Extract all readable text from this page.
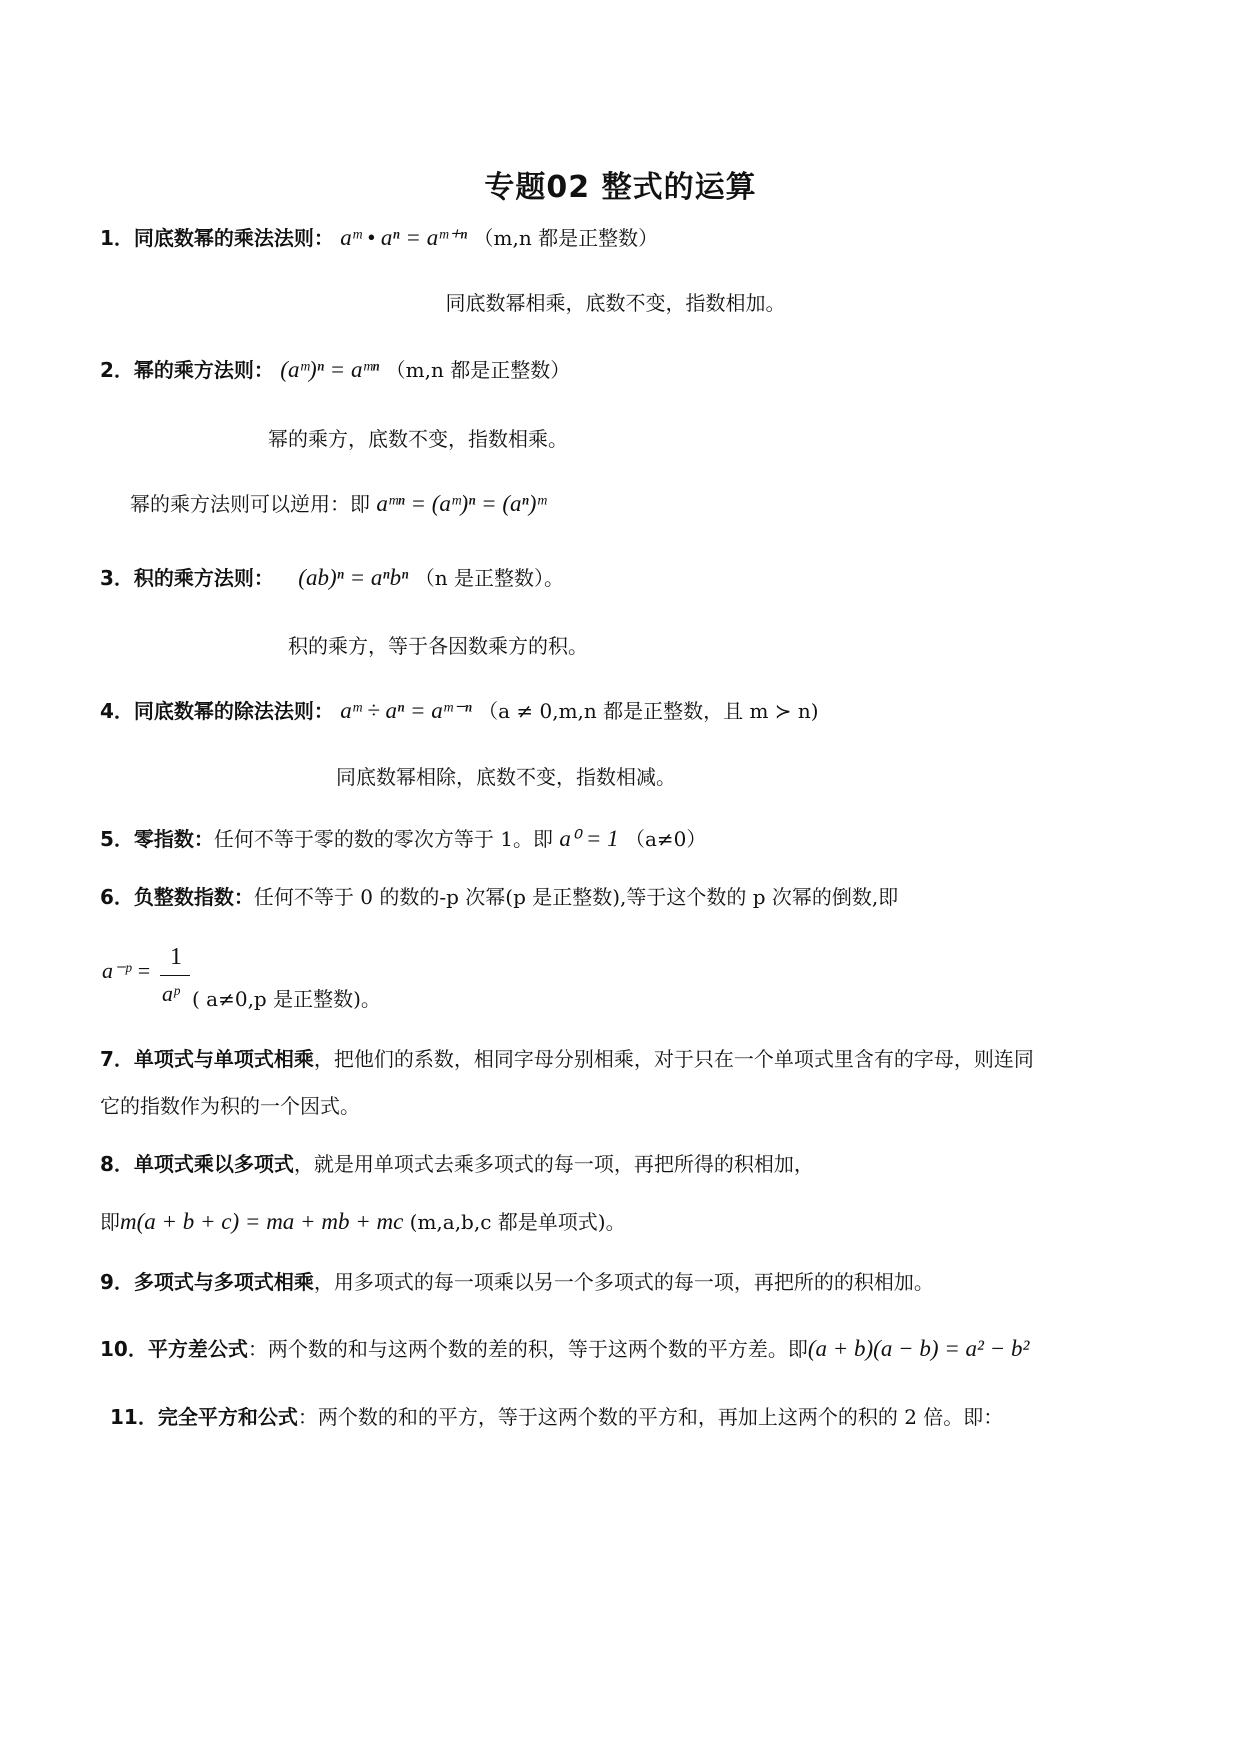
专题02 整式的运算
1．同底数幂的乘法法则： aᵐ • aⁿ = aᵐ⁺ⁿ （m,n 都是正整数）
同底数幂相乘，底数不变，指数相加。
2．幂的乘方法则： (aᵐ)ⁿ = aᵐⁿ （m,n 都是正整数）
幂的乘方，底数不变，指数相乘。
幂的乘方法则可以逆用：即 aᵐⁿ = (aᵐ)ⁿ = (aⁿ)ᵐ
3．积的乘方法则： (ab)ⁿ = aⁿbⁿ （n 是正整数）。
积的乘方，等于各因数乘方的积。
4．同底数幂的除法法则： aᵐ ÷ aⁿ = aᵐ⁻ⁿ （a ≠ 0,m,n 都是正整数，且 m ≻ n)
同底数幂相除，底数不变，指数相减。
5．零指数：任何不等于零的数的零次方等于 1。即 a⁰ = 1 （a≠0）
6．负整数指数：任何不等于 0 的数的-p 次幂(p 是正整数),等于这个数的 p 次幂的倒数,即
a⁻ᵖ =
1
aᵖ ( a≠0,p 是正整数)。
7．单项式与单项式相乘，把他们的系数，相同字母分别相乘，对于只在一个单项式里含有的字母，则连同
它的指数作为积的一个因式。
8．单项式乘以多项式，就是用单项式去乘多项式的每一项，再把所得的积相加，
即m(a + b + c) = ma + mb + mc (m,a,b,c 都是单项式)。
9．多项式与多项式相乘，用多项式的每一项乘以另一个多项式的每一项，再把所的的积相加。
10．平方差公式：两个数的和与这两个数的差的积，等于这两个数的平方差。即(a + b)(a − b) = a² − b²
11．完全平方和公式：两个数的和的平方，等于这两个数的平方和，再加上这两个的积的 2 倍。即：
